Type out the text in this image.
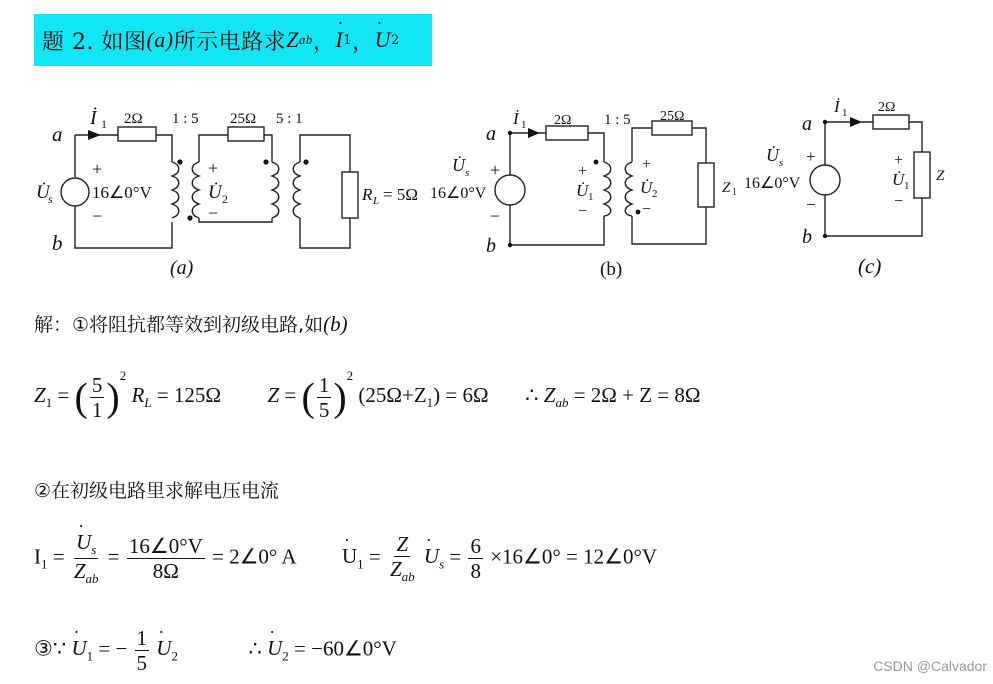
题 2. 如图 (a) 所示电路求 Z ab ，
· I 1 ，
· U 2
a
b
İ 1 2Ω 1 : 5 25Ω 5 : 1
+
U̇
s 16∠0°V
−
+
U̇ 2
−
R L = 5Ω
(a)
a
b
İ 1 2Ω 1 : 5 25Ω
U̇ s +
16∠0°V
−
+
U̇ 1
−
+
U̇ 2
−
Z 1
(b)
a
b
İ 1 2Ω
U̇ s +
16∠0°V
−
+
U̇ 1
−
Z
(c)
解：①将阻抗都等效到初级电路,如(b)
$Z_1$ = ( $\frac{5}{1} )^2$ $R_L = 125\Omega$ Z = ( $\frac{1}{5} )^2$ $(25\Omega+Z_1) = 6\Omega$ ∴ $Z_{ab} = 2\Omega + Z = 8\Omega$
②在初级电路里求解电压电流
$I_1$ =
· $\frac{U_s}{Z_{ab}} = \frac{16\angle 0^\circ V}{8\Omega}$ = 2∠0° $A \cdot U_1 = \frac{Z}{Z_{ab}}$
· $U_s = \frac{6}{8}$ ×16∠0° = 12∠0°V
③∵ · $U_1$ = − $\frac{1}{5}$
· $U_2$	∴ · $U_2$ = −60∠0°V
CSDN @Calvador
